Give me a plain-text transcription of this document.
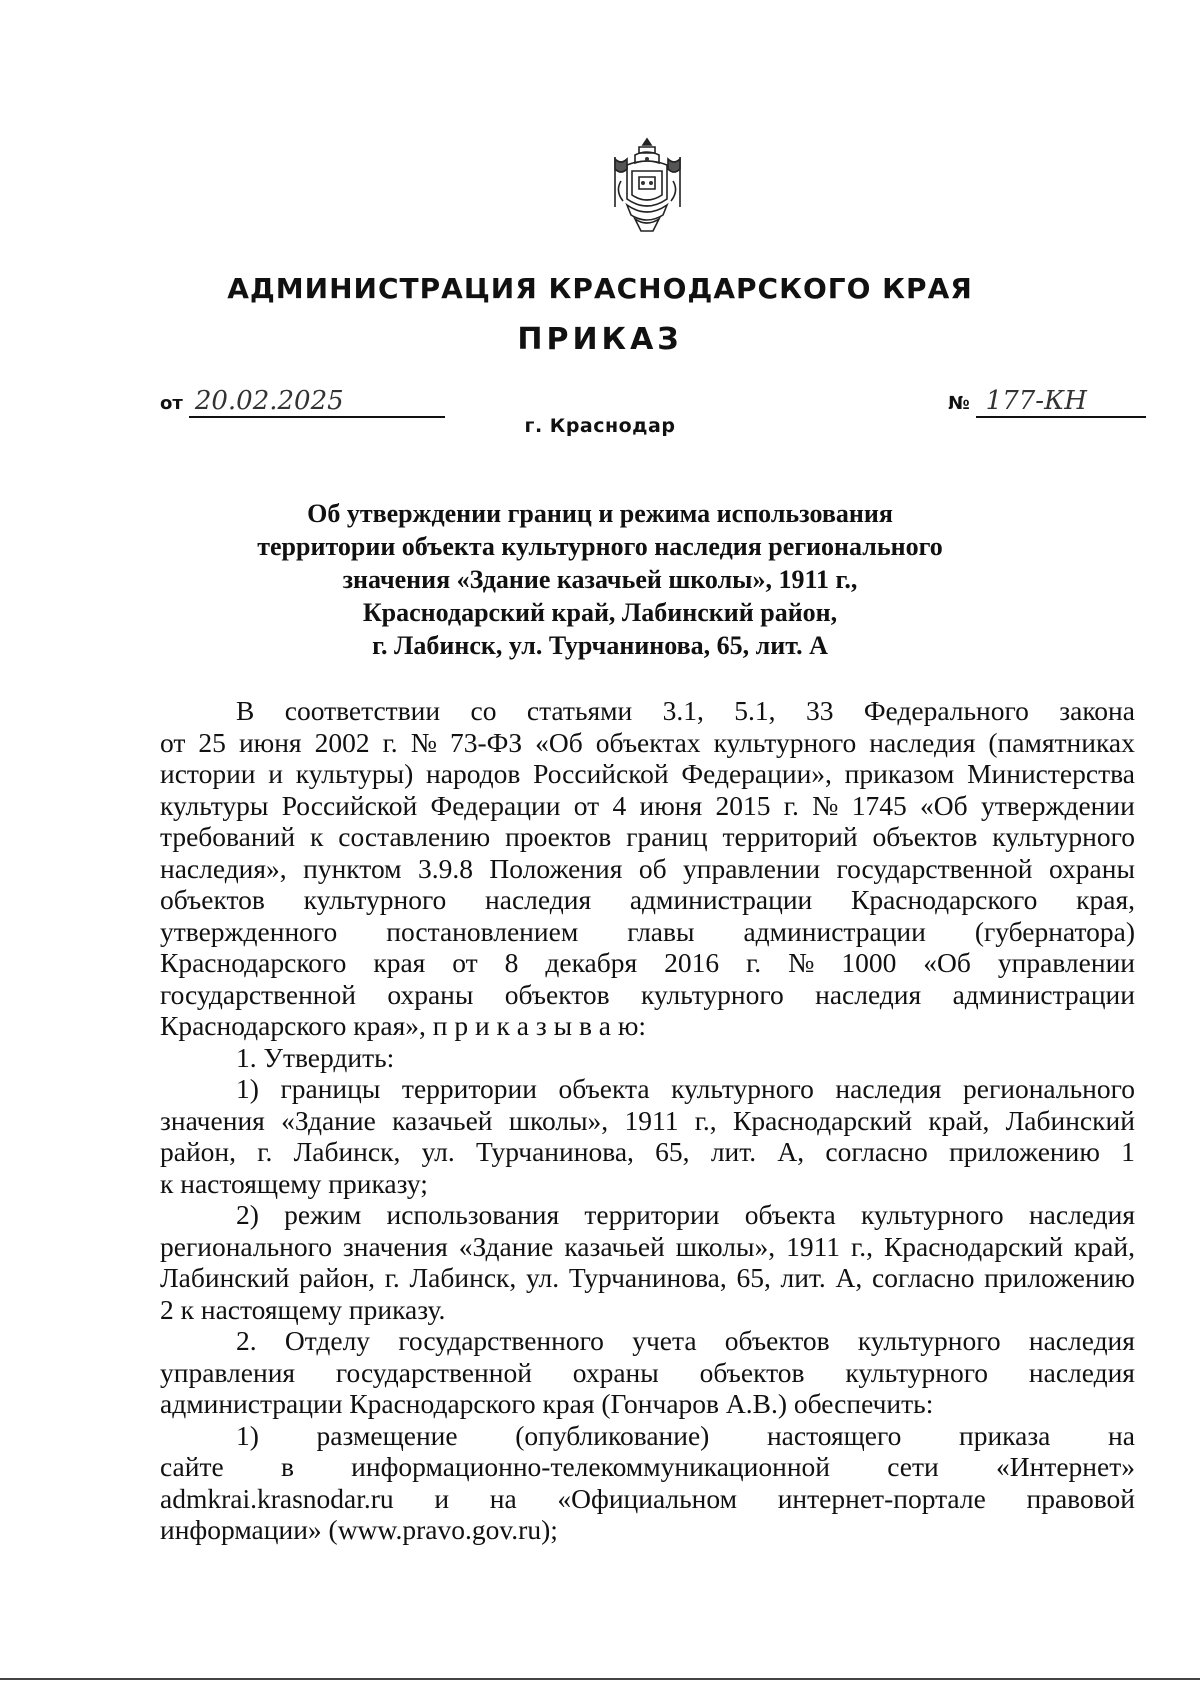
АДМИНИСТРАЦИЯ КРАСНОДАРСКОГО КРАЯ
ПРИКАЗ
от 20.02.2025	№ 177-КН
г. Краснодар
Об утверждении границ и режима использования
территории объекта культурного наследия регионального
значения «Здание казачьей школы», 1911 г.,
Краснодарский край, Лабинский район,
г. Лабинск, ул. Турчанинова, 65, лит. А
В соответствии со статьями 3.1, 5.1, 33 Федерального закона
от 25 июня 2002 г. № 73-ФЗ «Об объектах культурного наследия (памятниках
истории и культуры) народов Российской Федерации», приказом Министерства
культуры Российской Федерации от 4 июня 2015 г. № 1745 «Об утверждении
требований к составлению проектов границ территорий объектов культурного
наследия», пунктом 3.9.8 Положения об управлении государственной охраны
объектов культурного наследия администрации Краснодарского края,
утвержденного постановлением главы администрации (губернатора)
Краснодарского края от 8 декабря 2016 г. № 1000 «Об управлении
государственной охраны объектов культурного наследия администрации
Краснодарского края», п р и к а з ы в а ю:
1. Утвердить:
1) границы территории объекта культурного наследия регионального
значения «Здание казачьей школы», 1911 г., Краснодарский край, Лабинский
район, г. Лабинск, ул. Турчанинова, 65, лит. А, согласно приложению 1
к настоящему приказу;
2) режим использования территории объекта культурного наследия
регионального значения «Здание казачьей школы», 1911 г., Краснодарский край,
Лабинский район, г. Лабинск, ул. Турчанинова, 65, лит. А, согласно приложению
2 к настоящему приказу.
2. Отделу государственного учета объектов культурного наследия
управления государственной охраны объектов культурного наследия
администрации Краснодарского края (Гончаров А.В.) обеспечить:
1) размещение (опубликование) настоящего приказа на
сайте в информационно-телекоммуникационной сети «Интернет»
admkrai.krasnodar.ru и на «Официальном интернет-портале правовой
информации» (www.pravo.gov.ru);
